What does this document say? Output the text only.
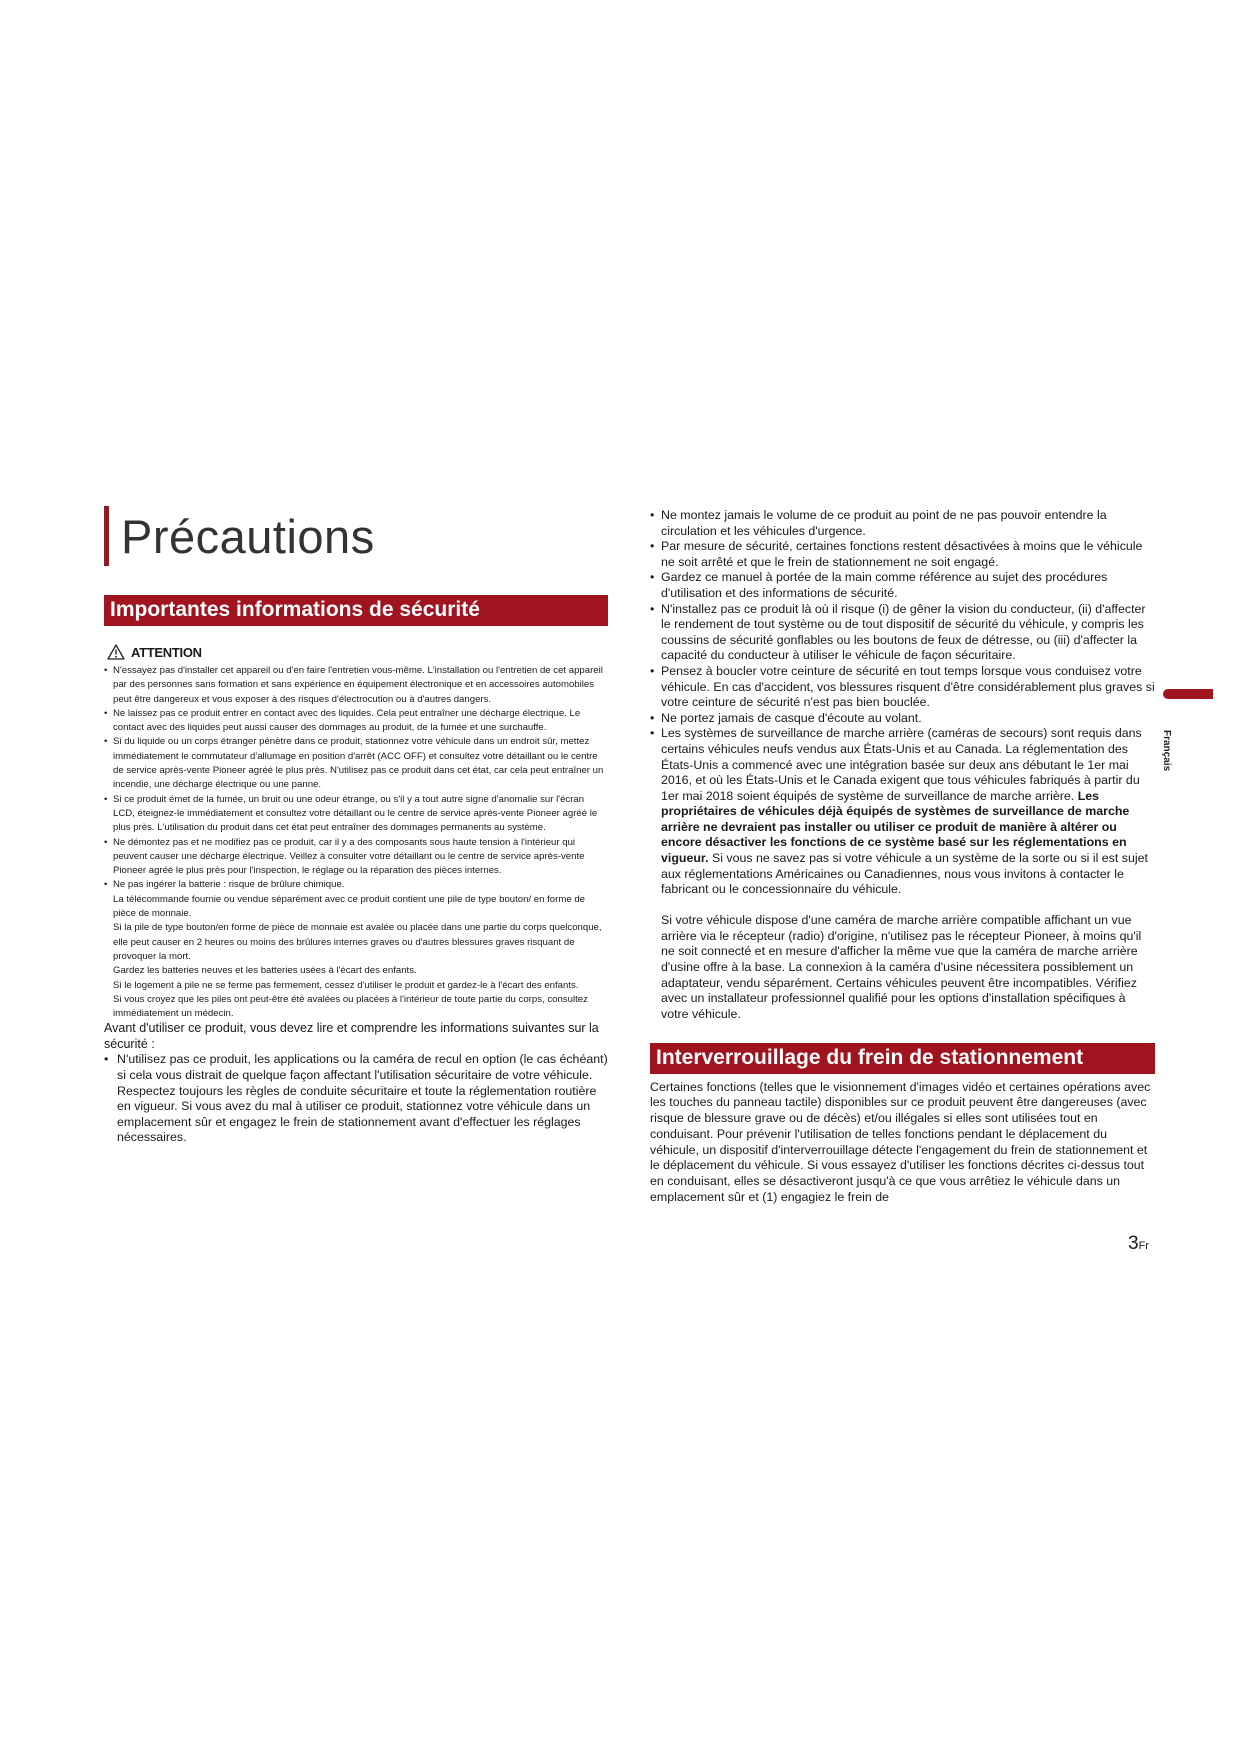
Précautions
Importantes informations de sécurité
ATTENTION
• N'essayez pas d'installer cet appareil ou d'en faire l'entretien vous-même. L'installation ou l'entretien de cet appareil par des personnes sans formation et sans expérience en équipement électronique et en accessoires automobiles peut être dangereux et vous exposer à des risques d'électrocution ou à d'autres dangers.
• Ne laissez pas ce produit entrer en contact avec des liquides. Cela peut entraîner une décharge électrique. Le contact avec des liquides peut aussi causer des dommages au produit, de la fumée et une surchauffe.
• Si du liquide ou un corps étranger pénètre dans ce produit, stationnez votre véhicule dans un endroit sûr, mettez immédiatement le commutateur d'allumage en position d'arrêt (ACC OFF) et consultez votre détaillant ou le centre de service après-vente Pioneer agréé le plus près. N'utilisez pas ce produit dans cet état, car cela peut entraîner un incendie, une décharge électrique ou une panne.
• Si ce produit émet de la fumée, un bruit ou une odeur étrange, ou s'il y a tout autre signe d'anomalie sur l'écran LCD, éteignez-le immédiatement et consultez votre détaillant ou le centre de service après-vente Pioneer agréé le plus près. L'utilisation du produit dans cet état peut entraîner des dommages permanents au système.
• Ne démontez pas et ne modifiez pas ce produit, car il y a des composants sous haute tension à l'intérieur qui peuvent causer une décharge électrique. Veillez à consulter votre détaillant ou le centre de service après-vente Pioneer agréé le plus près pour l'inspection, le réglage ou la réparation des pièces internes.
• Ne pas ingérer la batterie : risque de brûlure chimique.
La télécommande fournie ou vendue séparément avec ce produit contient une pile de type bouton/ en forme de pièce de monnaie.
Si la pile de type bouton/en forme de pièce de monnaie est avalée ou placée dans une partie du corps quelconque, elle peut causer en 2 heures ou moins des brûlures internes graves ou d'autres blessures graves risquant de provoquer la mort.
Gardez les batteries neuves et les batteries usées à l'écart des enfants.
Si le logement à pile ne se ferme pas fermement, cessez d'utiliser le produit et gardez-le à l'écart des enfants.
Si vous croyez que les piles ont peut-être été avalées ou placées à l'intérieur de toute partie du corps, consultez immédiatement un médecin.
Avant d'utiliser ce produit, vous devez lire et comprendre les informations suivantes sur la sécurité :
• N'utilisez pas ce produit, les applications ou la caméra de recul en option (le cas échéant) si cela vous distrait de quelque façon affectant l'utilisation sécuritaire de votre véhicule. Respectez toujours les règles de conduite sécuritaire et toute la réglementation routière en vigueur. Si vous avez du mal à utiliser ce produit, stationnez votre véhicule dans un emplacement sûr et engagez le frein de stationnement avant d'effectuer les réglages nécessaires.
• Ne montez jamais le volume de ce produit au point de ne pas pouvoir entendre la circulation et les véhicules d'urgence.
• Par mesure de sécurité, certaines fonctions restent désactivées à moins que le véhicule ne soit arrêté et que le frein de stationnement ne soit engagé.
• Gardez ce manuel à portée de la main comme référence au sujet des procédures d'utilisation et des informations de sécurité.
• N'installez pas ce produit là où il risque (i) de gêner la vision du conducteur, (ii) d'affecter le rendement de tout système ou de tout dispositif de sécurité du véhicule, y compris les coussins de sécurité gonflables ou les boutons de feux de détresse, ou (iii) d'affecter la capacité du conducteur à utiliser le véhicule de façon sécuritaire.
• Pensez à boucler votre ceinture de sécurité en tout temps lorsque vous conduisez votre véhicule. En cas d'accident, vos blessures risquent d'être considérablement plus graves si votre ceinture de sécurité n'est pas bien bouclée.
• Ne portez jamais de casque d'écoute au volant.
• Les systèmes de surveillance de marche arrière (caméras de secours) sont requis dans certains véhicules neufs vendus aux États-Unis et au Canada. La réglementation des États-Unis a commencé avec une intégration basée sur deux ans débutant le 1er mai 2016, et où les États-Unis et le Canada exigent que tous véhicules fabriqués à partir du 1er mai 2018 soient équipés de système de surveillance de marche arrière. Les propriétaires de véhicules déjà équipés de systèmes de surveillance de marche arrière ne devraient pas installer ou utiliser ce produit de manière à altérer ou encore désactiver les fonctions de ce système basé sur les réglementations en vigueur. Si vous ne savez pas si votre véhicule a un système de la sorte ou si il est sujet aux réglementations Américaines ou Canadiennes, nous vous invitons à contacter le fabricant ou le concessionnaire du véhicule.
Si votre véhicule dispose d'une caméra de marche arrière compatible affichant un vue arrière via le récepteur (radio) d'origine, n'utilisez pas le récepteur Pioneer, à moins qu'il ne soit connecté et en mesure d'afficher la même vue que la caméra de marche arrière d'usine offre à la base. La connexion à la caméra d'usine nécessitera possiblement un adaptateur, vendu séparément. Certains véhicules peuvent être incompatibles. Vérifiez avec un installateur professionnel qualifié pour les options d'installation spécifiques à votre véhicule.
Interverrouillage du frein de stationnement
Certaines fonctions (telles que le visionnement d'images vidéo et certaines opérations avec les touches du panneau tactile) disponibles sur ce produit peuvent être dangereuses (avec risque de blessure grave ou de décès) et/ou illégales si elles sont utilisées tout en conduisant. Pour prévenir l'utilisation de telles fonctions pendant le déplacement du véhicule, un dispositif d'interverrouillage détecte l'engagement du frein de stationnement et le déplacement du véhicule. Si vous essayez d'utiliser les fonctions décrites ci-dessus tout en conduisant, elles se désactiveront jusqu'à ce que vous arrêtiez le véhicule dans un emplacement sûr et (1) engagiez le frein de
Français
3Fr
